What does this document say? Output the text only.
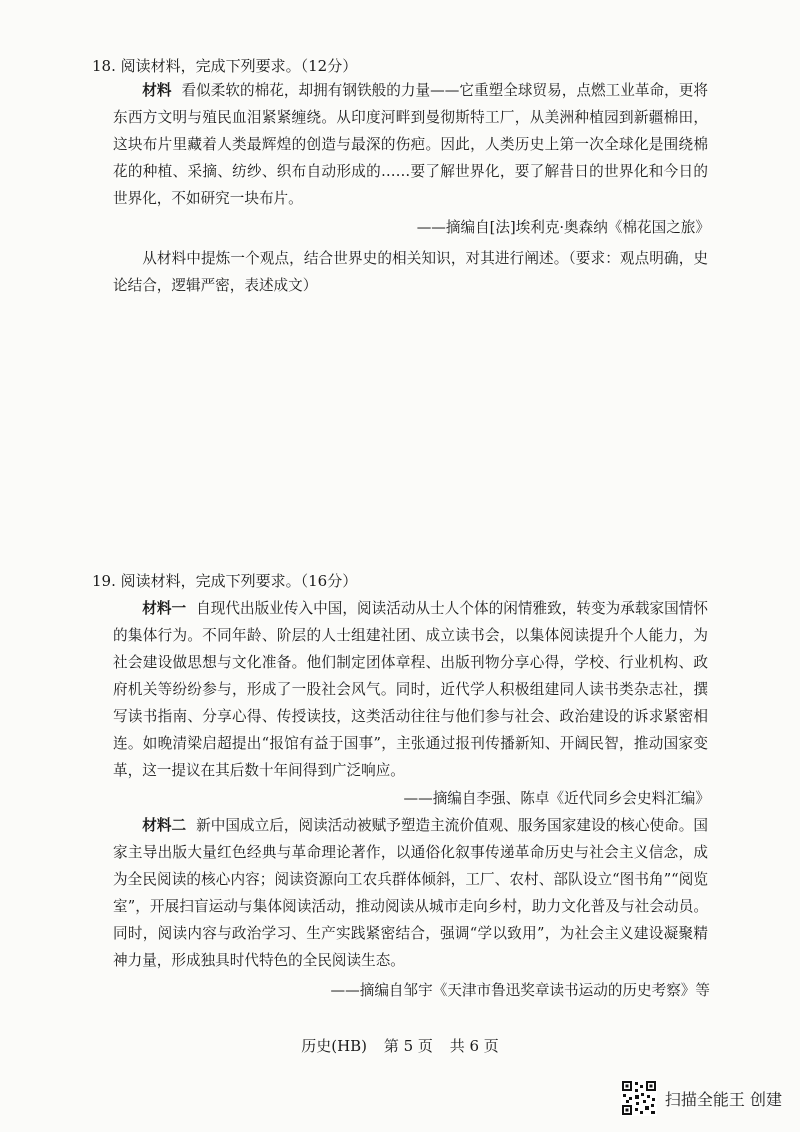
18. 阅读材料，完成下列要求。（12分）
材料 看似柔软的棉花，却拥有钢铁般的力量——它重塑全球贸易，点燃工业革命，更将东西方文明与殖民血泪紧紧缠绕。从印度河畔到曼彻斯特工厂，从美洲种植园到新疆棉田，这块布片里藏着人类最辉煌的创造与最深的伤疤。因此，人类历史上第一次全球化是围绕棉花的种植、采摘、纺纱、织布自动形成的……要了解世界化，要了解昔日的世界化和今日的世界化，不如研究一块布片。
——摘编自[法]埃利克·奥森纳《棉花国之旅》
从材料中提炼一个观点，结合世界史的相关知识，对其进行阐述。（要求：观点明确，史论结合，逻辑严密，表述成文）
19. 阅读材料，完成下列要求。（16分）
材料一 自现代出版业传入中国，阅读活动从士人个体的闲情雅致，转变为承载家国情怀的集体行为。不同年龄、阶层的人士组建社团、成立读书会，以集体阅读提升个人能力，为社会建设做思想与文化准备。他们制定团体章程、出版刊物分享心得，学校、行业机构、政府机关等纷纷参与，形成了一股社会风气。同时，近代学人积极组建同人读书类杂志社，撰写读书指南、分享心得、传授读技，这类活动往往与他们参与社会、政治建设的诉求紧密相连。如晚清梁启超提出“报馆有益于国事”，主张通过报刊传播新知、开阔民智，推动国家变革，这一提议在其后数十年间得到广泛响应。
——摘编自李强、陈卓《近代同乡会史料汇编》
材料二 新中国成立后，阅读活动被赋予塑造主流价值观、服务国家建设的核心使命。国家主导出版大量红色经典与革命理论著作，以通俗化叙事传递革命历史与社会主义信念，成为全民阅读的核心内容；阅读资源向工农兵群体倾斜，工厂、农村、部队设立“图书角”“阅览室”，开展扫盲运动与集体阅读活动，推动阅读从城市走向乡村，助力文化普及与社会动员。同时，阅读内容与政治学习、生产实践紧密结合，强调“学以致用”，为社会主义建设凝聚精神力量，形成独具时代特色的全民阅读生态。
——摘编自邹宇《天津市鲁迅奖章读书运动的历史考察》等
历史(HB) 第 5 页 共 6 页
扫描全能王 创建
